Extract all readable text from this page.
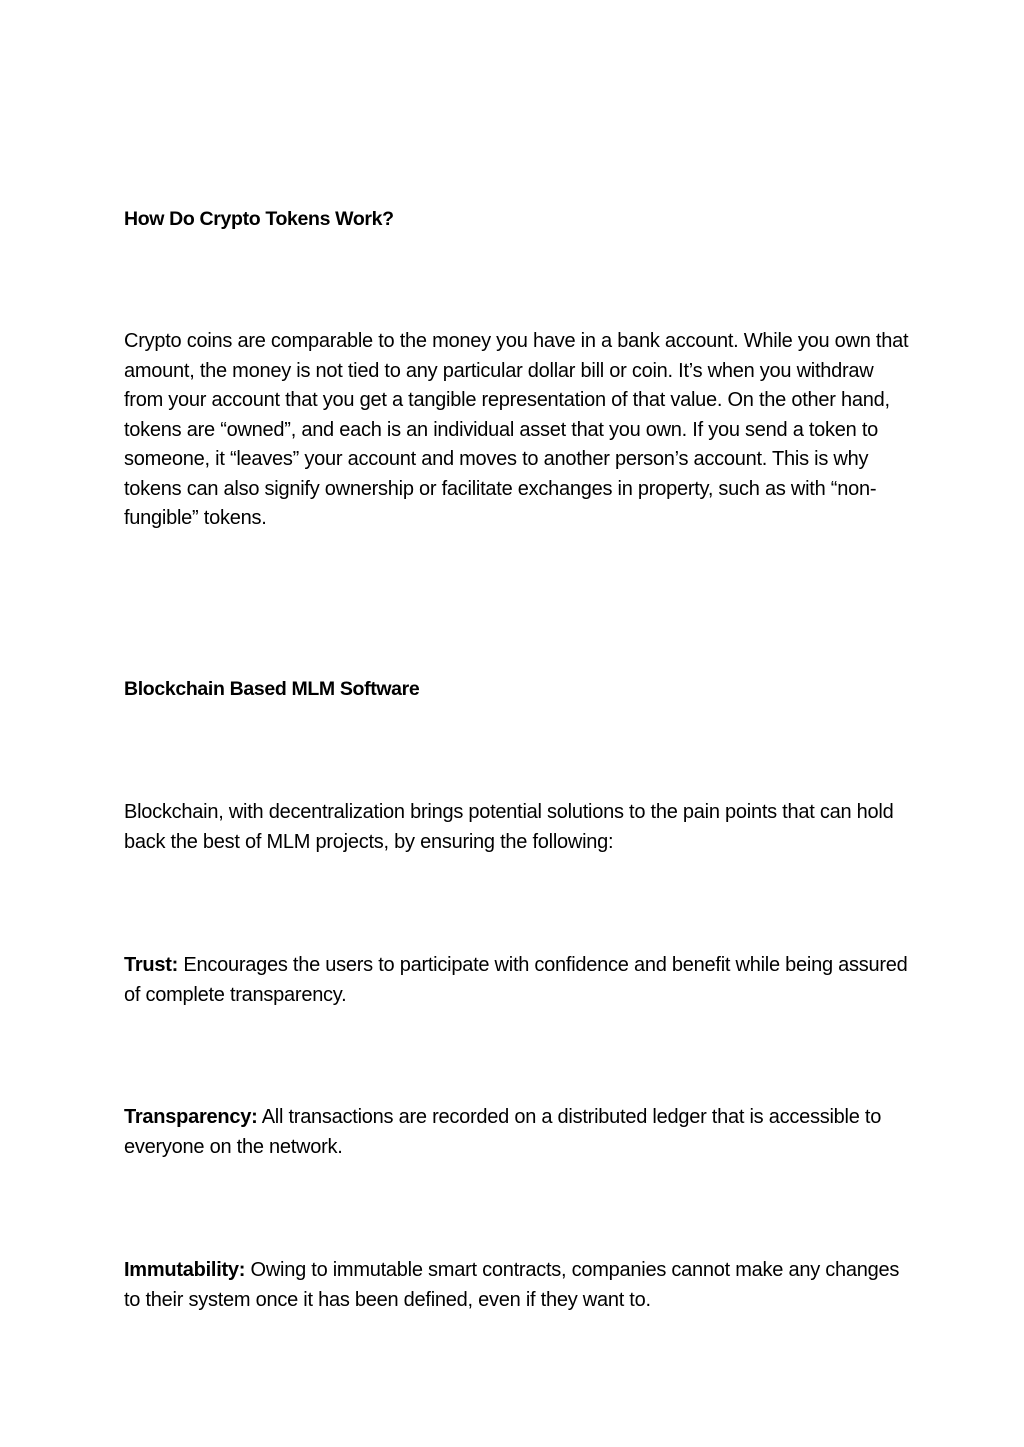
How Do Crypto Tokens Work?

Crypto coins are comparable to the money you have in a bank account. While you own that amount, the money is not tied to any particular dollar bill or coin. It’s when you withdraw from your account that you get a tangible representation of that value. On the other hand, tokens are “owned”, and each is an individual asset that you own. If you send a token to someone, it “leaves” your account and moves to another person’s account. This is why tokens can also signify ownership or facilitate exchanges in property, such as with “non-fungible” tokens.

Blockchain Based MLM Software

Blockchain, with decentralization brings potential solutions to the pain points that can hold back the best of MLM projects, by ensuring the following:

Trust: Encourages the users to participate with confidence and benefit while being assured of complete transparency.

Transparency: All transactions are recorded on a distributed ledger that is accessible to everyone on the network.

Immutability: Owing to immutable smart contracts, companies cannot make any changes to their system once it has been defined, even if they want to.
